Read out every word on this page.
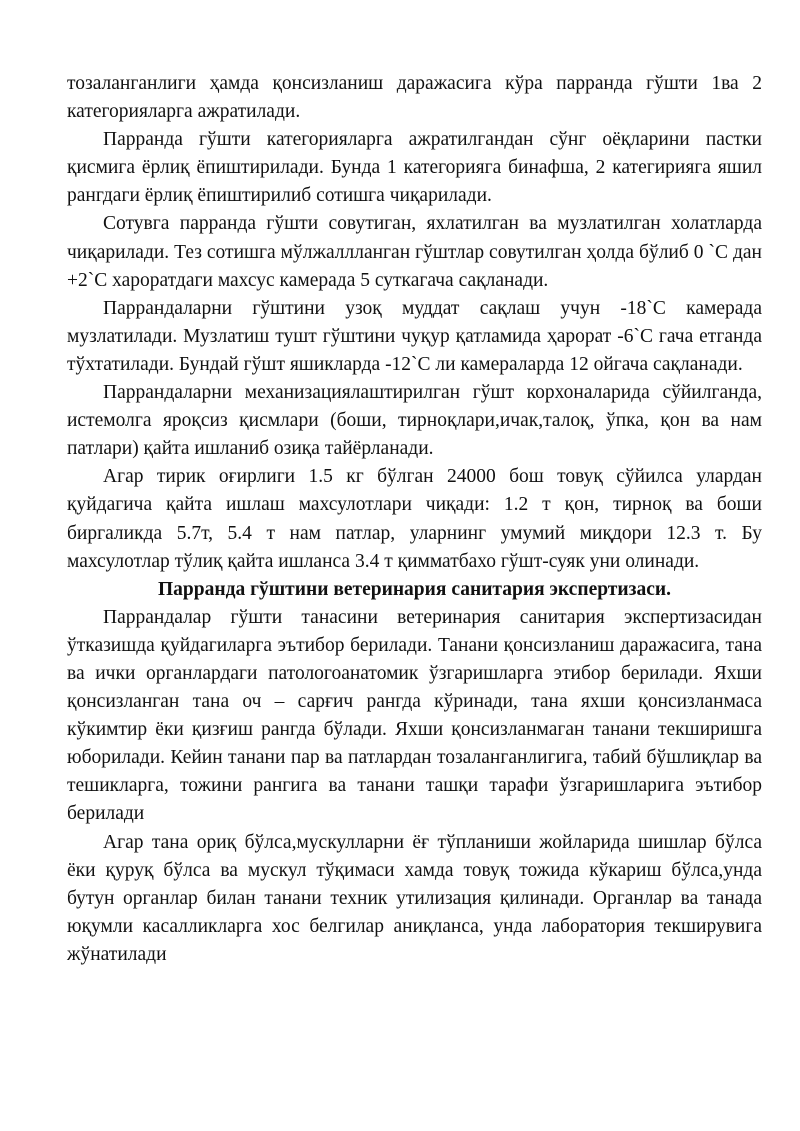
тозаланганлиги ҳамда қонсизланиш даражасига кўра парранда гўшти 1ва 2 категорияларга ажратилади.

Парранда гўшти категорияларга ажратилгандан сўнг оёқларини пастки қисмига ёрлиқ ёпиштирилади. Бунда 1 категорияга бинафша, 2 категирияга яшил рангдаги ёрлиқ ёпиштирилиб сотишга чиқарилади.

Сотувга парранда гўшти совутиган, яхлатилган ва музлатилган холатларда чиқарилади. Тез сотишга мўлжаллланган гўштлар совутилган ҳолда бўлиб 0 `С дан +2`С хароратдаги махсус камерада 5 суткагача сақланади.

Паррандаларни гўштини узоқ муддат сақлаш учун -18`С камерада музлатилади. Музлатиш тушт гўштини чуқур қатламида ҳарорат -6`С гача етганда тўхтатилади. Бундай гўшт яшикларда -12`С ли камераларда 12 ойгача сақланади.

Паррандаларни механизациялаштирилган гўшт корхоналарида сўйилганда, истемолга яроқсиз қисмлари (боши, тирноқлари,ичак,талоқ, ўпка, қон ва нам патлари) қайта ишланиб озиқа тайёрланади.

Агар тирик оғирлиги 1.5 кг бўлган 24000 бош товуқ сўйилса улардан қуйдагича қайта ишлаш махсулотлари чиқади: 1.2 т қон, тирноқ ва боши биргаликда 5.7т, 5.4 т нам патлар, уларнинг умумий миқдори 12.3 т. Бу махсулотлар тўлиқ қайта ишланса 3.4 т қимматбахо гўшт-суяк уни олинади.

Парранда гўштини ветеринария санитария экспертизаси.

Паррандалар гўшти танасини ветеринария санитария экспертизасидан ўтказишда қуйдагиларга эътибор берилади. Танани қонсизланиш даражасига, тана ва ички органлардаги патологоанатомик ўзгаришларга этибор берилади. Яхши қонсизланган тана оч – сарғич рангда кўринади, тана яхши қонсизланмаса кўкимтир ёки қизғиш рангда бўлади. Яхши қонсизланмаган танани текширишга юборилади. Кейин танани пар ва патлардан тозаланганлигига, табий бўшлиқлар ва тешикларга, тожини рангига ва танани ташқи тарафи ўзгаришларига эътибор берилади

Агар тана ориқ бўлса,мускулларни ёғ тўпланиши жойларида шишлар бўлса ёки қуруқ бўлса ва мускул тўқимаси хамда товуқ тожида кўкариш бўлса,унда бутун органлар билан танани техник утилизация қилинади. Органлар ва танада юқумли касалликларга хос белгилар аниқланса, унда лаборатория текширувига жўнатилади
